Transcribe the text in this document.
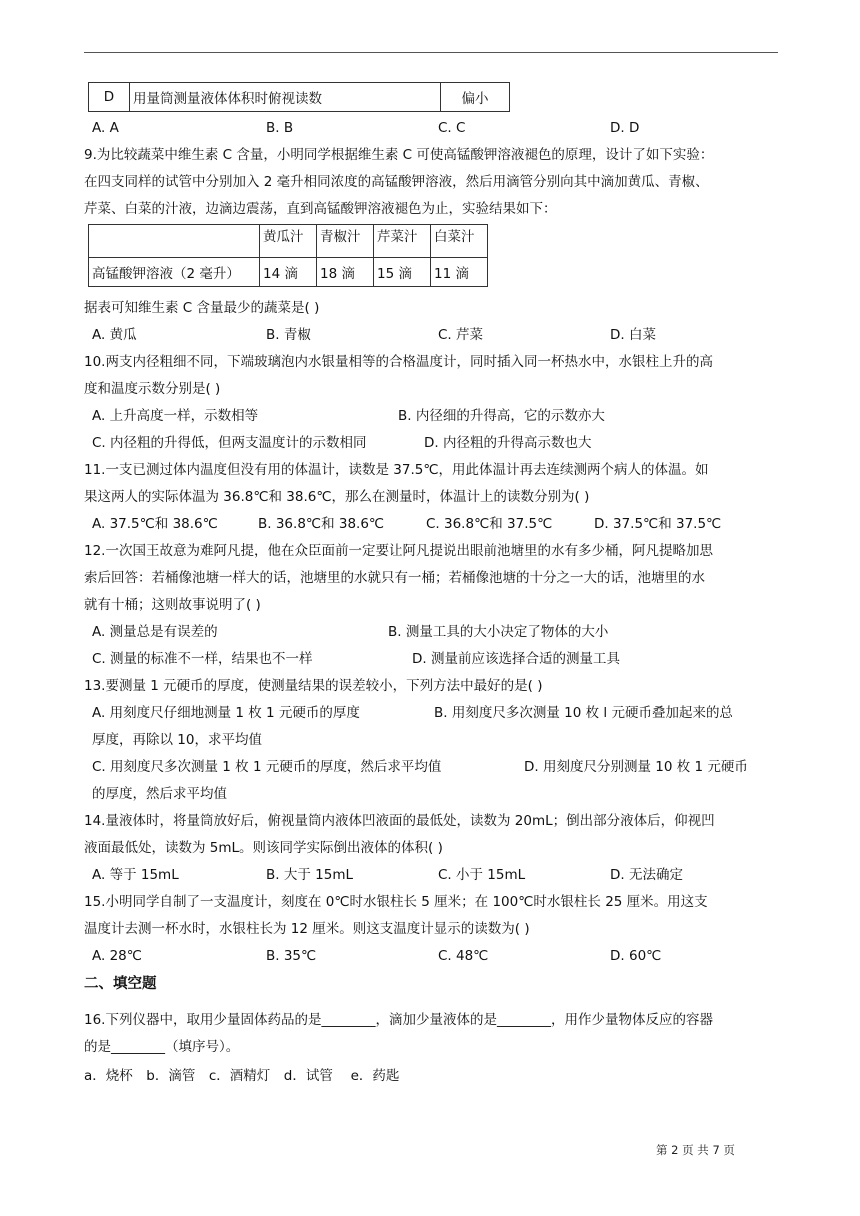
D	用量筒测量液体体积时俯视读数	偏小
A. A	B. B	C. C	D. D
9.为比较蔬菜中维生素 C 含量，小明同学根据维生素 C 可使高锰酸钾溶液褪色的原理，设计了如下实验：
在四支同样的试管中分别加入 2 毫升相同浓度的高锰酸钾溶液，然后用滴管分别向其中滴加黄瓜、青椒、
芹菜、白菜的汁液，边滴边震荡，直到高锰酸钾溶液褪色为止，实验结果如下：
	黄瓜汁	青椒汁	芹菜汁	白菜汁
高锰酸钾溶液（2 毫升）	14 滴	18 滴	15 滴	11 滴
据表可知维生素 C 含量最少的蔬菜是( )
A. 黄瓜	B. 青椒	C. 芹菜	D. 白菜
10.两支内径粗细不同，下端玻璃泡内水银量相等的合格温度计，同时插入同一杯热水中，水银柱上升的高
度和温度示数分别是( )
A. 上升高度一样，示数相等	B. 内径细的升得高，它的示数亦大
C. 内径粗的升得低，但两支温度计的示数相同	D. 内径粗的升得高示数也大
11.一支已测过体内温度但没有用的体温计，读数是 37.5℃，用此体温计再去连续测两个病人的体温。如
果这两人的实际体温为 36.8℃和 38.6℃，那么在测量时，体温计上的读数分别为( )
A. 37.5℃和 38.6℃	B. 36.8℃和 38.6℃	C. 36.8℃和 37.5℃	D. 37.5℃和 37.5℃
12.一次国王故意为难阿凡提，他在众臣面前一定要让阿凡提说出眼前池塘里的水有多少桶，阿凡提略加思
索后回答：若桶像池塘一样大的话，池塘里的水就只有一桶；若桶像池塘的十分之一大的话，池塘里的水
就有十桶；这则故事说明了( )
A. 测量总是有误差的	B. 测量工具的大小决定了物体的大小
C. 测量的标准不一样，结果也不一样	D. 测量前应该选择合适的测量工具
13.要测量 1 元硬币的厚度，使测量结果的误差较小，下列方法中最好的是( )
A. 用刻度尺仔细地测量 1 枚 1 元硬币的厚度	B. 用刻度尺多次测量 10 枚 l 元硬币叠加起来的总
厚度，再除以 10，求平均值
C. 用刻度尺多次测量 1 枚 1 元硬币的厚度，然后求平均值	D. 用刻度尺分别测量 10 枚 1 元硬币
的厚度，然后求平均值
14.量液体时，将量筒放好后，俯视量筒内液体凹液面的最低处，读数为 20mL；倒出部分液体后，仰视凹
液面最低处，读数为 5mL。则该同学实际倒出液体的体积( )
A. 等于 15mL	B. 大于 15mL	C. 小于 15mL	D. 无法确定
15.小明同学自制了一支温度计，刻度在 0℃时水银柱长 5 厘米；在 100℃时水银柱长 25 厘米。用这支
温度计去测一杯水时，水银柱长为 12 厘米。则这支温度计显示的读数为( )
A. 28℃	B. 35℃	C. 48℃	D. 60℃
二、填空题
16.下列仪器中，取用少量固体药品的是________，滴加少量液体的是________，用作少量物体反应的容器
的是________（填序号）。
a．烧杯　b．滴管　c．酒精灯　d．试管　 e．药匙
第 2 页 共 7 页
